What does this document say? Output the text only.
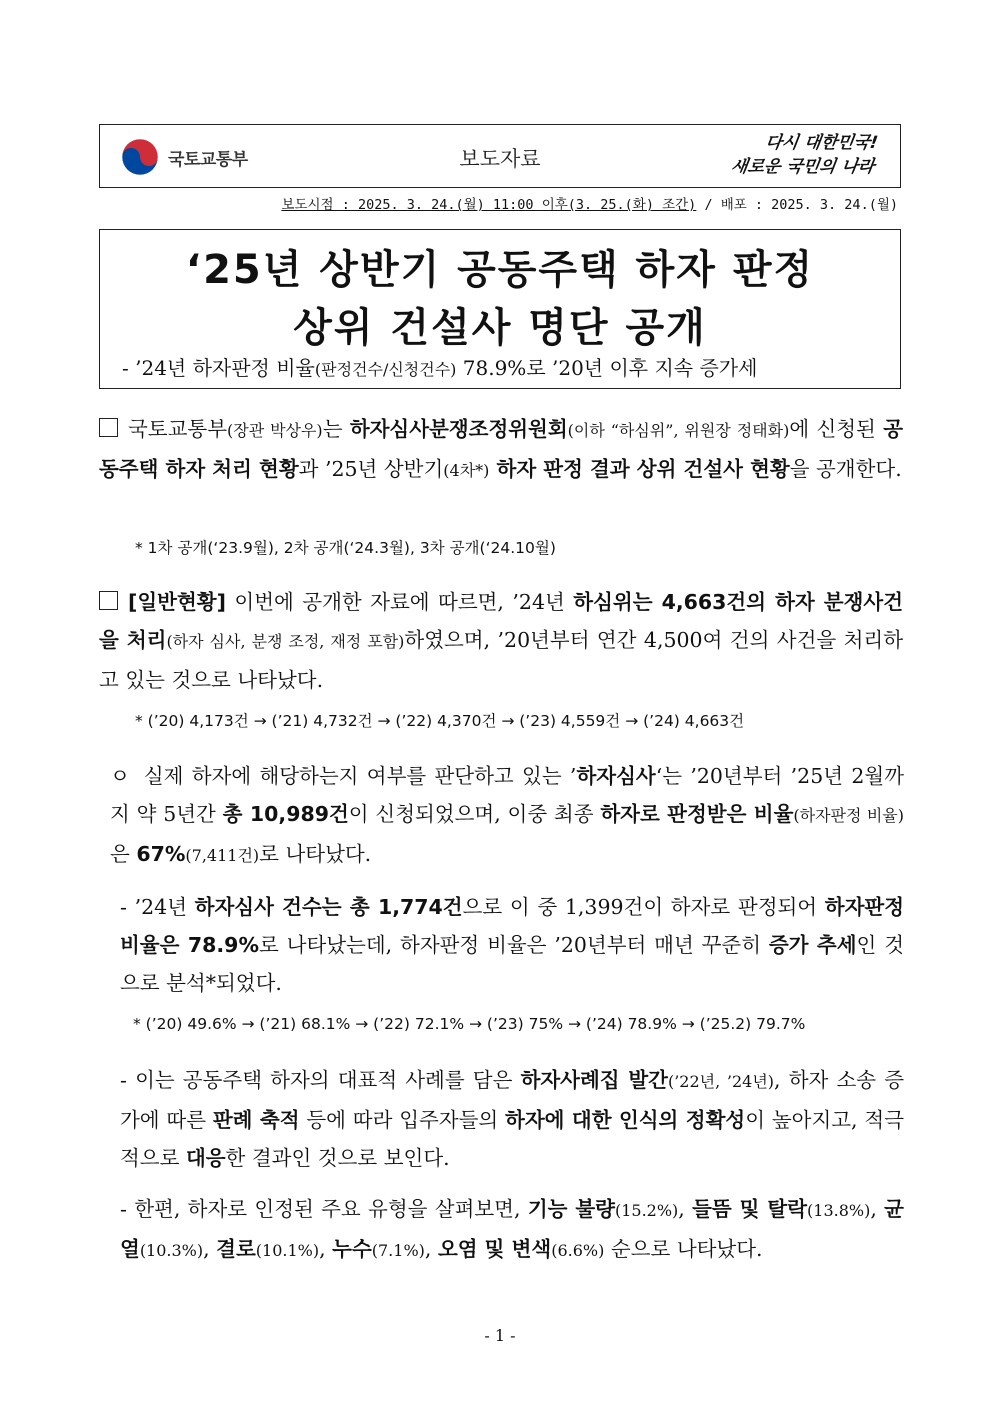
국토교통부	보도자료
다시 대한민국!
새로운 국민의 나라
보도시점 : 2025. 3. 24.(월) 11:00 이후(3. 25.(화) 조간) / 배포 : 2025. 3. 24.(월)
‘25년 상반기 공동주택 하자 판정
상위 건설사 명단 공개
- ’24년 하자판정 비율(판정건수/신청건수) 78.9%로 ’20년 이후 지속 증가세
국토교통부(장관 박상우)는 하자심사분쟁조정위원회(이하 “하심위”, 위원장 정태화)에 신청된 공동주택 하자 처리 현황과 ’25년 상반기(4차*) 하자 판정 결과 상위 건설사 현황을 공개한다.
* 1차 공개(‘23.9월), 2차 공개(‘24.3월), 3차 공개(‘24.10월)
[일반현황] 이번에 공개한 자료에 따르면, ’24년 하심위는 4,663건의 하자 분쟁사건을 처리(하자 심사, 분쟁 조정, 재정 포함)하였으며, ’20년부터 연간 4,500여 건의 사건을 처리하고 있는 것으로 나타났다.
* (’20) 4,173건 → (’21) 4,732건 → (’22) 4,370건 → (’23) 4,559건 → (’24) 4,663건
ㅇ 실제 하자에 해당하는지 여부를 판단하고 있는 ’하자심사‘는 ’20년부터 ’25년 2월까지 약 5년간 총 10,989건이 신청되었으며, 이중 최종 하자로 판정받은 비율(하자판정 비율)은 67%(7,411건)로 나타났다.
- ’24년 하자심사 건수는 총 1,774건으로 이 중 1,399건이 하자로 판정되어 하자판정 비율은 78.9%로 나타났는데, 하자판정 비율은 ’20년부터 매년 꾸준히 증가 추세인 것으로 분석*되었다.
* (’20) 49.6% → (’21) 68.1% → (’22) 72.1% → (’23) 75% → (’24) 78.9% → (’25.2) 79.7%
- 이는 공동주택 하자의 대표적 사례를 담은 하자사례집 발간(’22년, ’24년), 하자 소송 증가에 따른 판례 축적 등에 따라 입주자들의 하자에 대한 인식의 정확성이 높아지고, 적극적으로 대응한 결과인 것으로 보인다.
- 한편, 하자로 인정된 주요 유형을 살펴보면, 기능 불량(15.2%), 들뜸 및 탈락(13.8%), 균열(10.3%), 결로(10.1%), 누수(7.1%), 오염 및 변색(6.6%) 순으로 나타났다.
- 1 -
